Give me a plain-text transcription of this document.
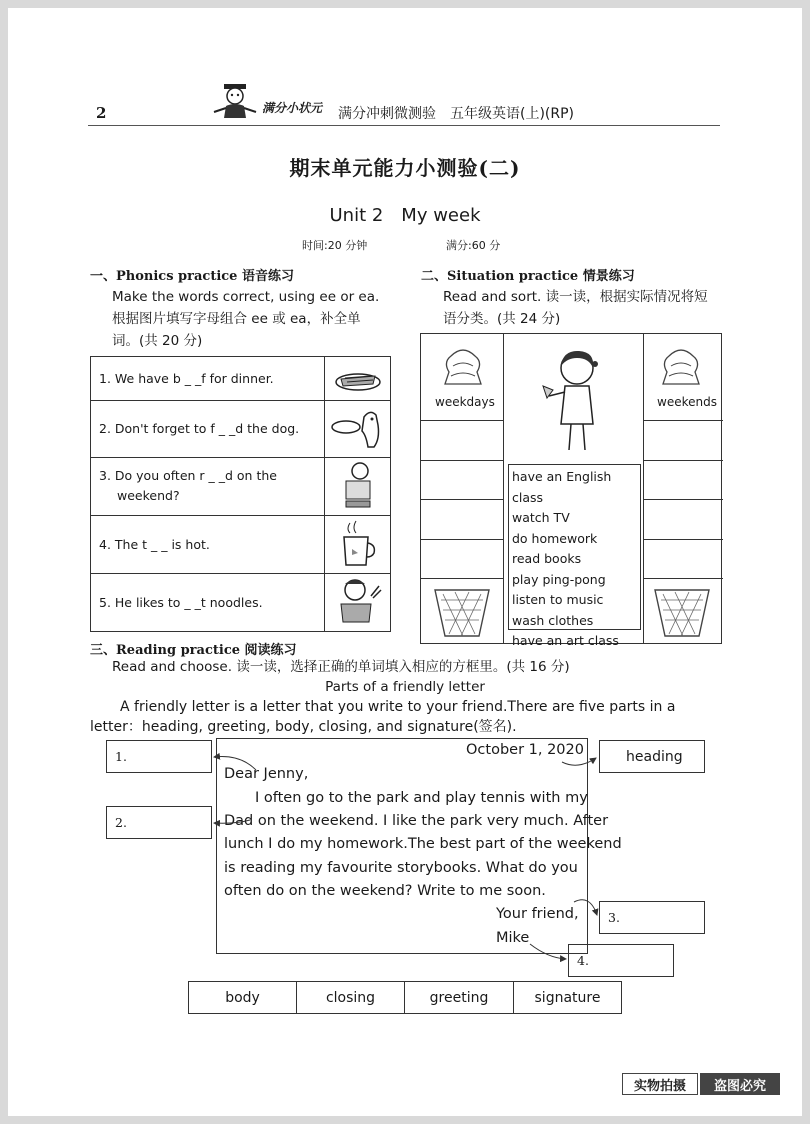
2	满分小状元 满分冲刺微测验　五年级英语(上)(RP)
期末单元能力小测验(二)
Unit 2　My week
时间:20 分钟	满分:60 分
一、Phonics practice 语音练习
Make the words correct, using ee or ea.
根据图片填写字母组合 ee 或 ea，补全单
词。(共 20 分)
1. We have b _ _f for dinner.
2. Don't forget to f _ _d the dog.
3. Do you often r _ _d on the
weekend?
4. The t _ _ is hot.
5. He likes to _ _t noodles.
二、Situation practice 情景练习
Read and sort. 读一读，根据实际情况将短
语分类。(共 24 分)
weekdays	weekends
have an English class
watch TV
do homework
read books
play ping-pong
listen to music
wash clothes
have an art class
三、Reading practice 阅读练习
Read and choose. 读一读，选择正确的单词填入相应的方框里。(共 16 分)
Parts of a friendly letter
A friendly letter is a letter that you write to your friend.There are five parts in a
letter：heading, greeting, body, closing, and signature(签名).
October 1, 2020
Dear Jenny,
I often go to the park and play tennis with my
Dad on the weekend. I like the park very much. After
lunch I do my homework.The best part of the weekend
is reading my favourite storybooks. What do you
often do on the weekend? Write to me soon.
Your friend,
Mike
1.
2.
heading
3.
4.
body	closing	greeting	signature
实物拍摄 盗图必究
